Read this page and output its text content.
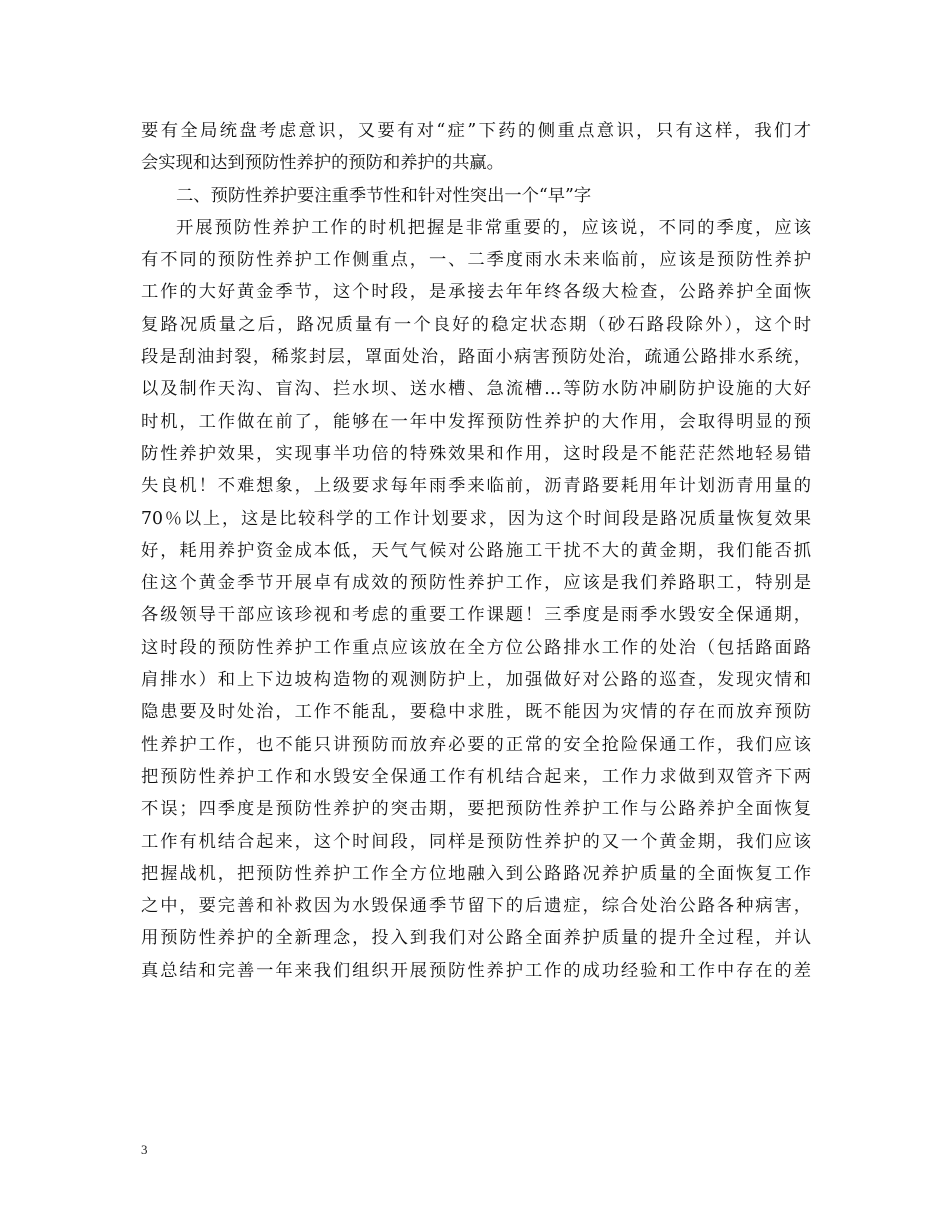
要有全局统盘考虑意识，又要有对“症”下药的侧重点意识，只有这样，我们才
会实现和达到预防性养护的预防和养护的共赢。
二、预防性养护要注重季节性和针对性突出一个“早”字
开展预防性养护工作的时机把握是非常重要的，应该说，不同的季度，应该
有不同的预防性养护工作侧重点，一、二季度雨水未来临前，应该是预防性养护
工作的大好黄金季节，这个时段，是承接去年年终各级大检查，公路养护全面恢
复路况质量之后，路况质量有一个良好的稳定状态期（砂石路段除外），这个时
段是刮油封裂，稀浆封层，罩面处治，路面小病害预防处治，疏通公路排水系统，
以及制作天沟、盲沟、拦水坝、送水槽、急流槽…等防水防冲刷防护设施的大好
时机，工作做在前了，能够在一年中发挥预防性养护的大作用，会取得明显的预
防性养护效果，实现事半功倍的特殊效果和作用，这时段是不能茫茫然地轻易错
失良机！不难想象，上级要求每年雨季来临前，沥青路要耗用年计划沥青用量的
70％以上，这是比较科学的工作计划要求，因为这个时间段是路况质量恢复效果
好，耗用养护资金成本低，天气气候对公路施工干扰不大的黄金期，我们能否抓
住这个黄金季节开展卓有成效的预防性养护工作，应该是我们养路职工，特别是
各级领导干部应该珍视和考虑的重要工作课题！三季度是雨季水毁安全保通期，
这时段的预防性养护工作重点应该放在全方位公路排水工作的处治（包括路面路
肩排水）和上下边坡构造物的观测防护上，加强做好对公路的巡查，发现灾情和
隐患要及时处治，工作不能乱，要稳中求胜，既不能因为灾情的存在而放弃预防
性养护工作，也不能只讲预防而放弃必要的正常的安全抢险保通工作，我们应该
把预防性养护工作和水毁安全保通工作有机结合起来，工作力求做到双管齐下两
不误；四季度是预防性养护的突击期，要把预防性养护工作与公路养护全面恢复
工作有机结合起来，这个时间段，同样是预防性养护的又一个黄金期，我们应该
把握战机，把预防性养护工作全方位地融入到公路路况养护质量的全面恢复工作
之中，要完善和补救因为水毁保通季节留下的后遗症，综合处治公路各种病害，
用预防性养护的全新理念，投入到我们对公路全面养护质量的提升全过程，并认
真总结和完善一年来我们组织开展预防性养护工作的成功经验和工作中存在的差
3
